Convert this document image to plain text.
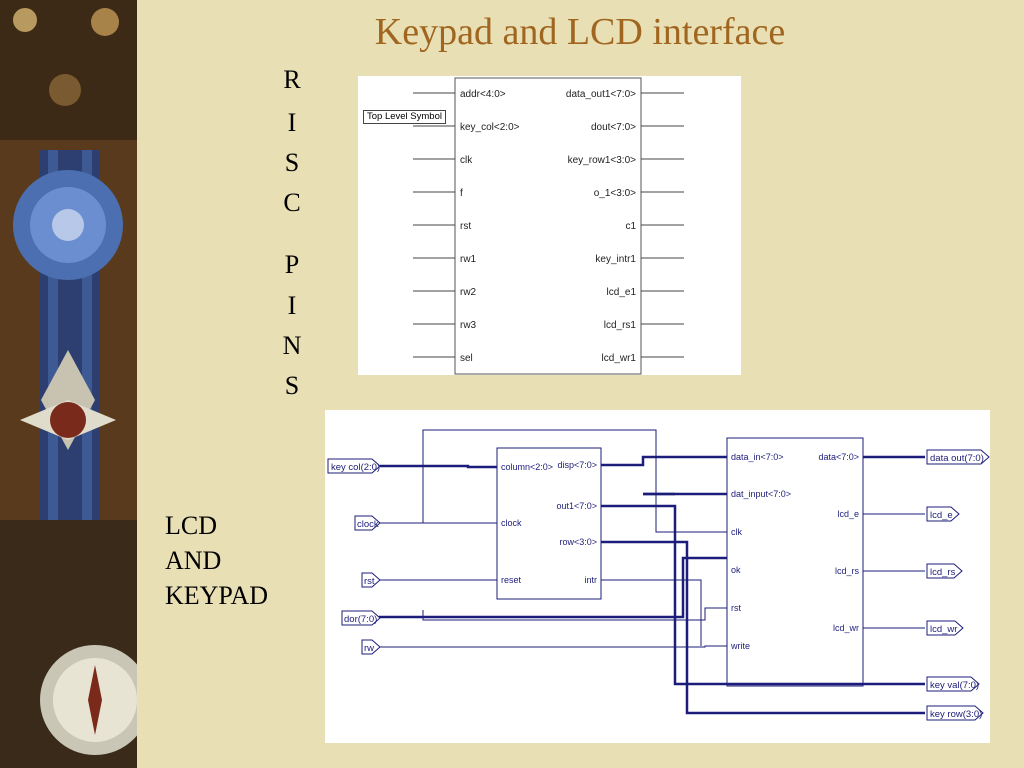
Keypad and LCD interface
R
I
S
C
P
I
N
S
LCD
AND
KEYPAD
addr<4:0>
key_col<2:0>
clk
f
rst
rw1
rw2
rw3
sel
data_out1<7:0>
dout<7:0>
key_row1<3:0>
o_1<3:0>
c1
key_intr1
lcd_e1
lcd_rs1
lcd_wr1
Top Level Symbol
key col(2:0)
clock
rst
dor(7:0)
rw
data out(7:0)
lcd_e
lcd_rs
lcd_wr
key val(7:0)
key row(3:0)
column<2:0>
clock
reset
disp<7:0>
out1<7:0>
row<3:0>
intr
data_in<7:0>
dat_input<7:0>
clk
ok
rst
write
data<7:0>
lcd_e
lcd_rs
lcd_wr
